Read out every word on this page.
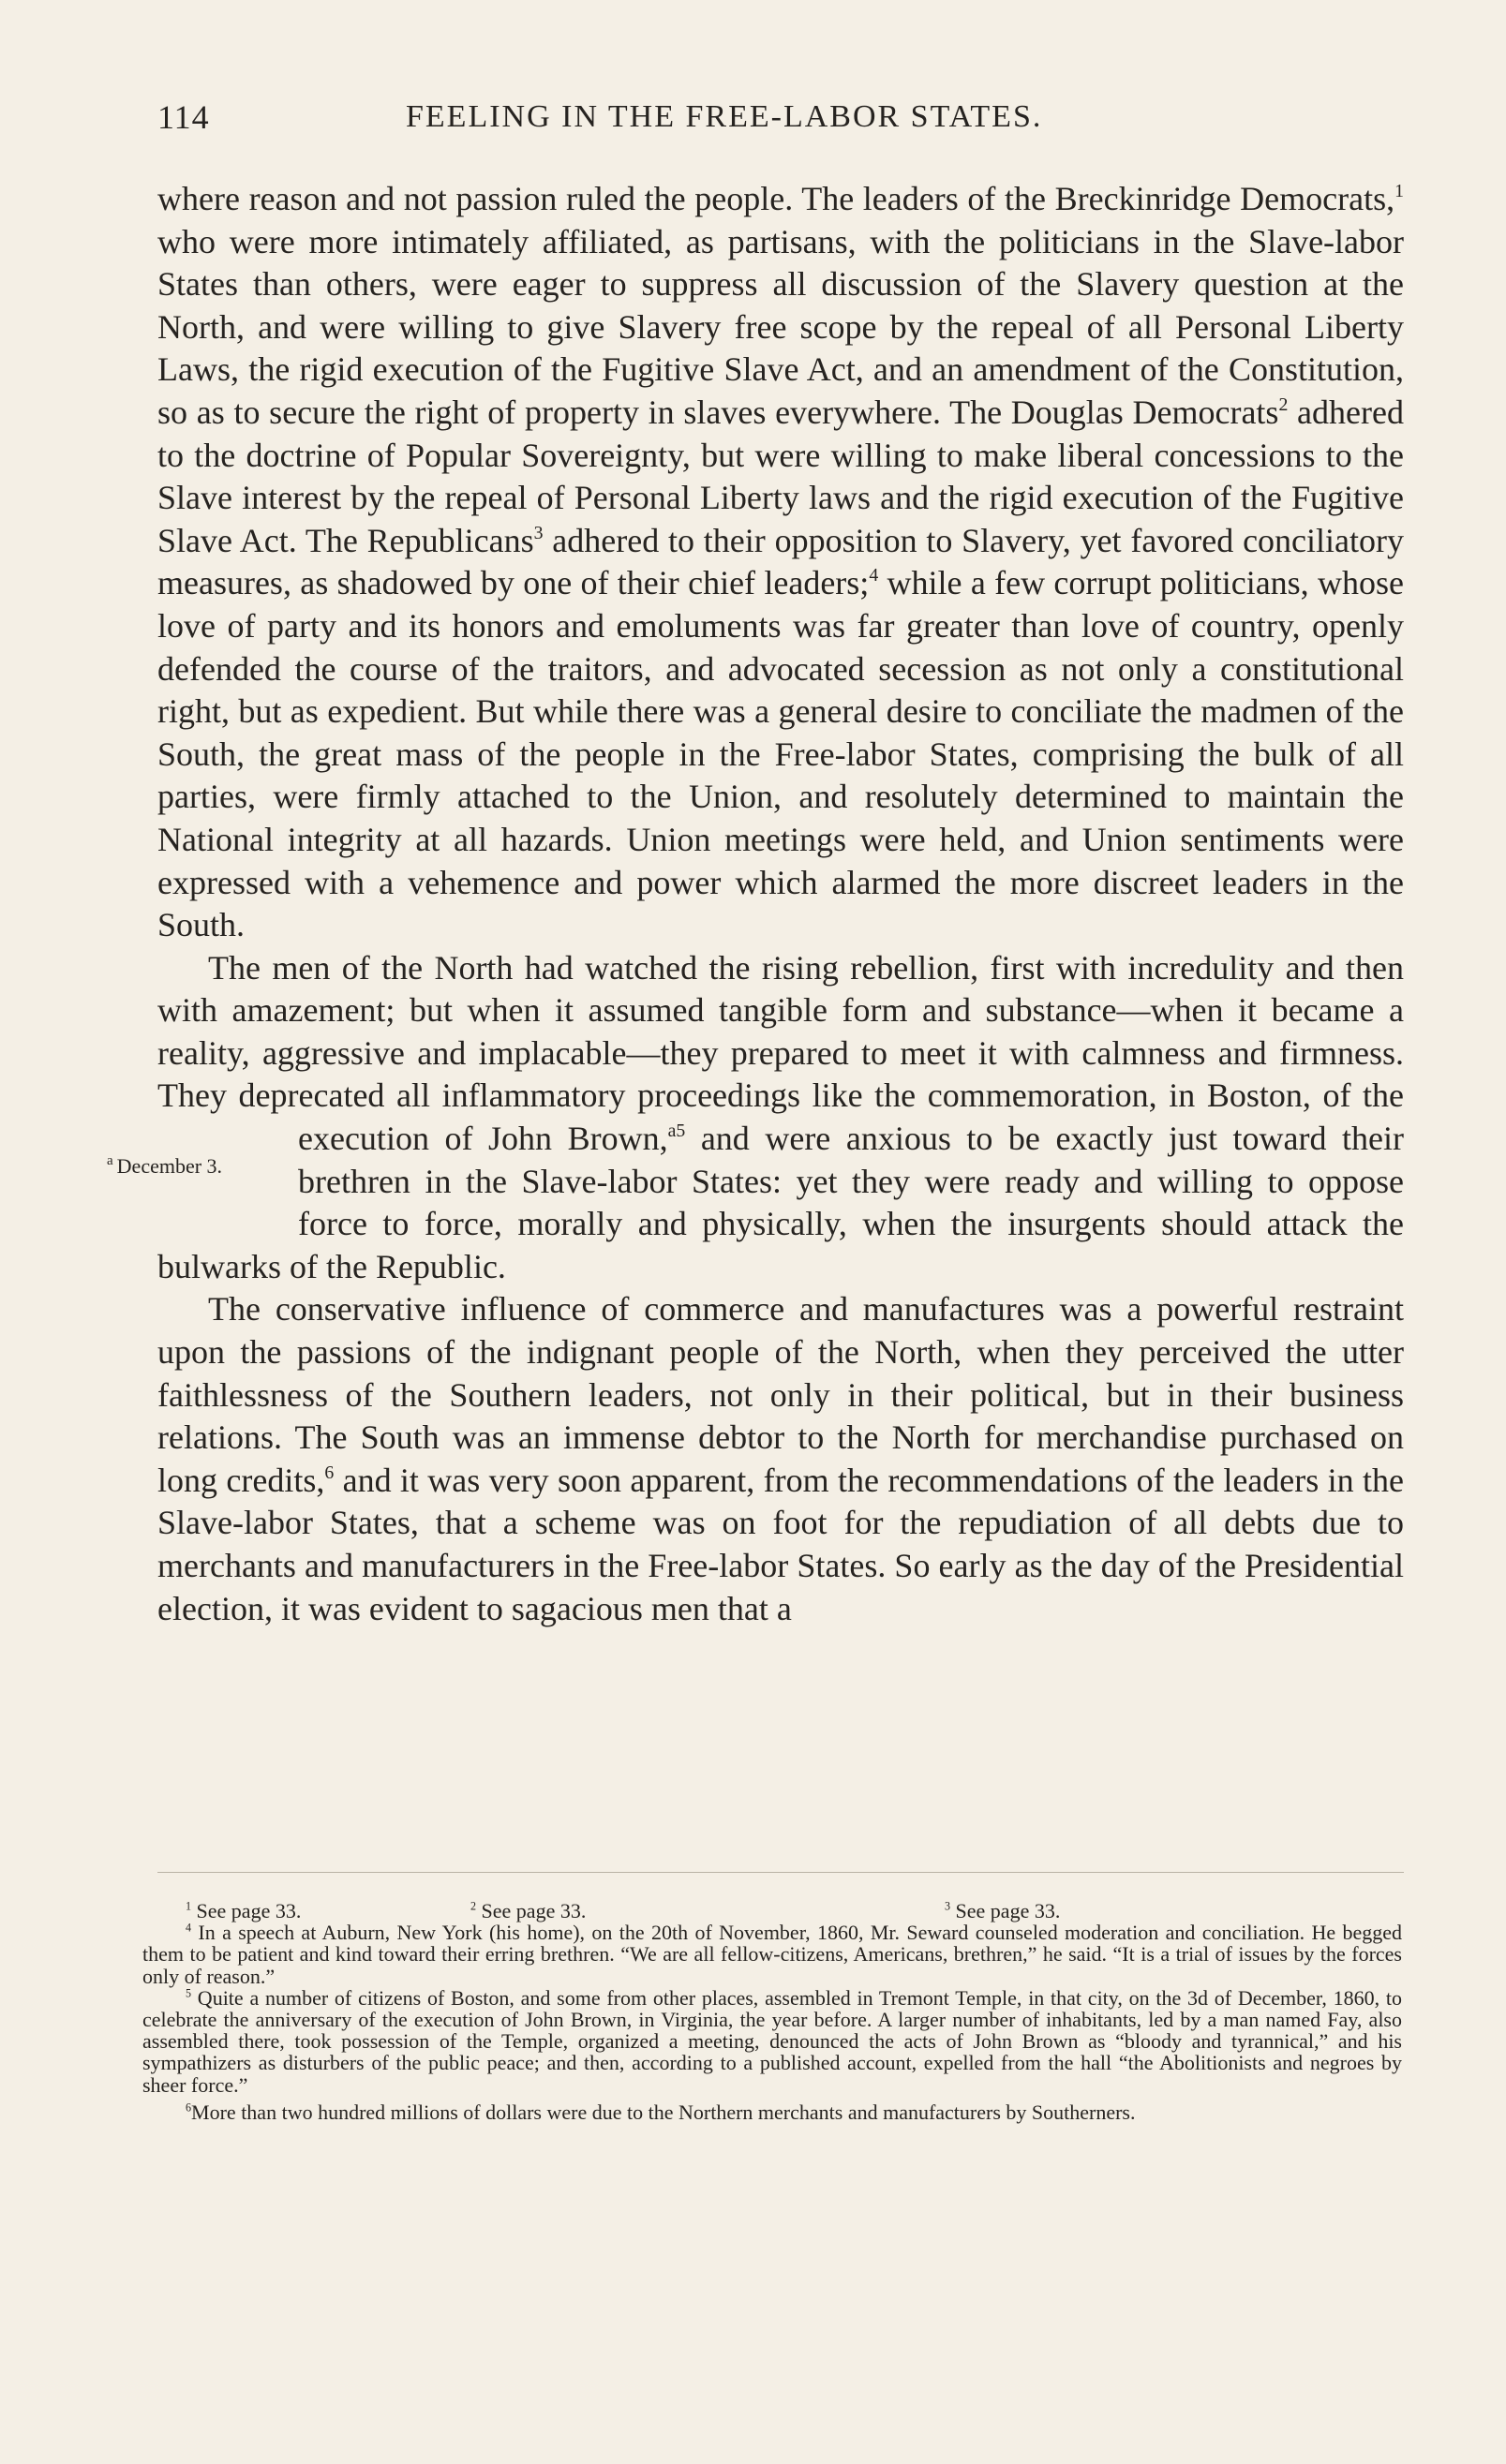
114	FEELING IN THE FREE-LABOR STATES.

where reason and not passion ruled the people. The leaders of the Breckinridge Democrats,$^1$ who were more intimately affiliated, as partisans, with the politicians in the Slave-labor States than others, were eager to suppress all discussion of the Slavery question at the North, and were willing to give Slavery free scope by the repeal of all Personal Liberty Laws, the rigid execution of the Fugitive Slave Act, and an amendment of the Constitution, so as to secure the right of property in slaves everywhere. The Douglas Democrats$^2$ adhered to the doctrine of Popular Sovereignty, but were willing to make liberal concessions to the Slave interest by the repeal of Personal Liberty laws and the rigid execution of the Fugitive Slave Act. The Republicans$^3$ adhered to their opposition to Slavery, yet favored conciliatory measures, as shadowed by one of their chief leaders;$^4$ while a few corrupt politicians, whose love of party and its honors and emoluments was far greater than love of country, openly defended the course of the traitors, and advocated secession as not only a constitutional right, but as expedient. But while there was a general desire to conciliate the madmen of the South, the great mass of the people in the Free-labor States, comprising the bulk of all parties, were firmly attached to the Union, and resolutely determined to maintain the National integrity at all hazards. Union meetings were held, and Union sentiments were expressed with a vehemence and power which alarmed the more discreet leaders in the South.

The men of the North had watched the rising rebellion, first with incredulity and then with amazement; but when it assumed tangible form and substance—when it became a reality, aggressive and implacable—they prepared to meet it with calmness and firmness. They deprecated all inflammatory proceedings like the commemoration, in Boston, of the execution of John Brown,
$^a$ December 3.
$^{a5}$ and were anxious to be exactly just toward their brethren in the Slave-labor States: yet they were ready and willing to oppose force to force, morally and physically, when the insurgents should attack the bulwarks of the Republic.

The conservative influence of commerce and manufactures was a powerful restraint upon the passions of the indignant people of the North, when they perceived the utter faithlessness of the Southern leaders, not only in their political, but in their business relations. The South was an immense debtor to the North for merchandise purchased on long credits,$^6$ and it was very soon apparent, from the recommendations of the leaders in the Slave-labor States, that a scheme was on foot for the repudiation of all debts due to merchants and manufacturers in the Free-labor States. So early as the day of the Presidential election, it was evident to sagacious men that a

$^1$ See page 33.	$^2$ See page 33.	$^3$ See page 33.

$^4$ In a speech at Auburn, New York (his home), on the 20th of November, 1860, Mr. Seward counseled moderation and conciliation. He begged them to be patient and kind toward their erring brethren. “We are all fellow-citizens, Americans, brethren,” he said. “It is a trial of issues by the forces only of reason.”

$^5$ Quite a number of citizens of Boston, and some from other places, assembled in Tremont Temple, in that city, on the 3d of December, 1860, to celebrate the anniversary of the execution of John Brown, in Virginia, the year before. A larger number of inhabitants, led by a man named Fay, also assembled there, took possession of the Temple, organized a meeting, denounced the acts of John Brown as “bloody and tyrannical,” and his sympathizers as disturbers of the public peace; and then, according to a published account, expelled from the hall “the Abolitionists and negroes by sheer force.”

$^6$More than two hundred millions of dollars were due to the Northern merchants and manufacturers by Southerners.
